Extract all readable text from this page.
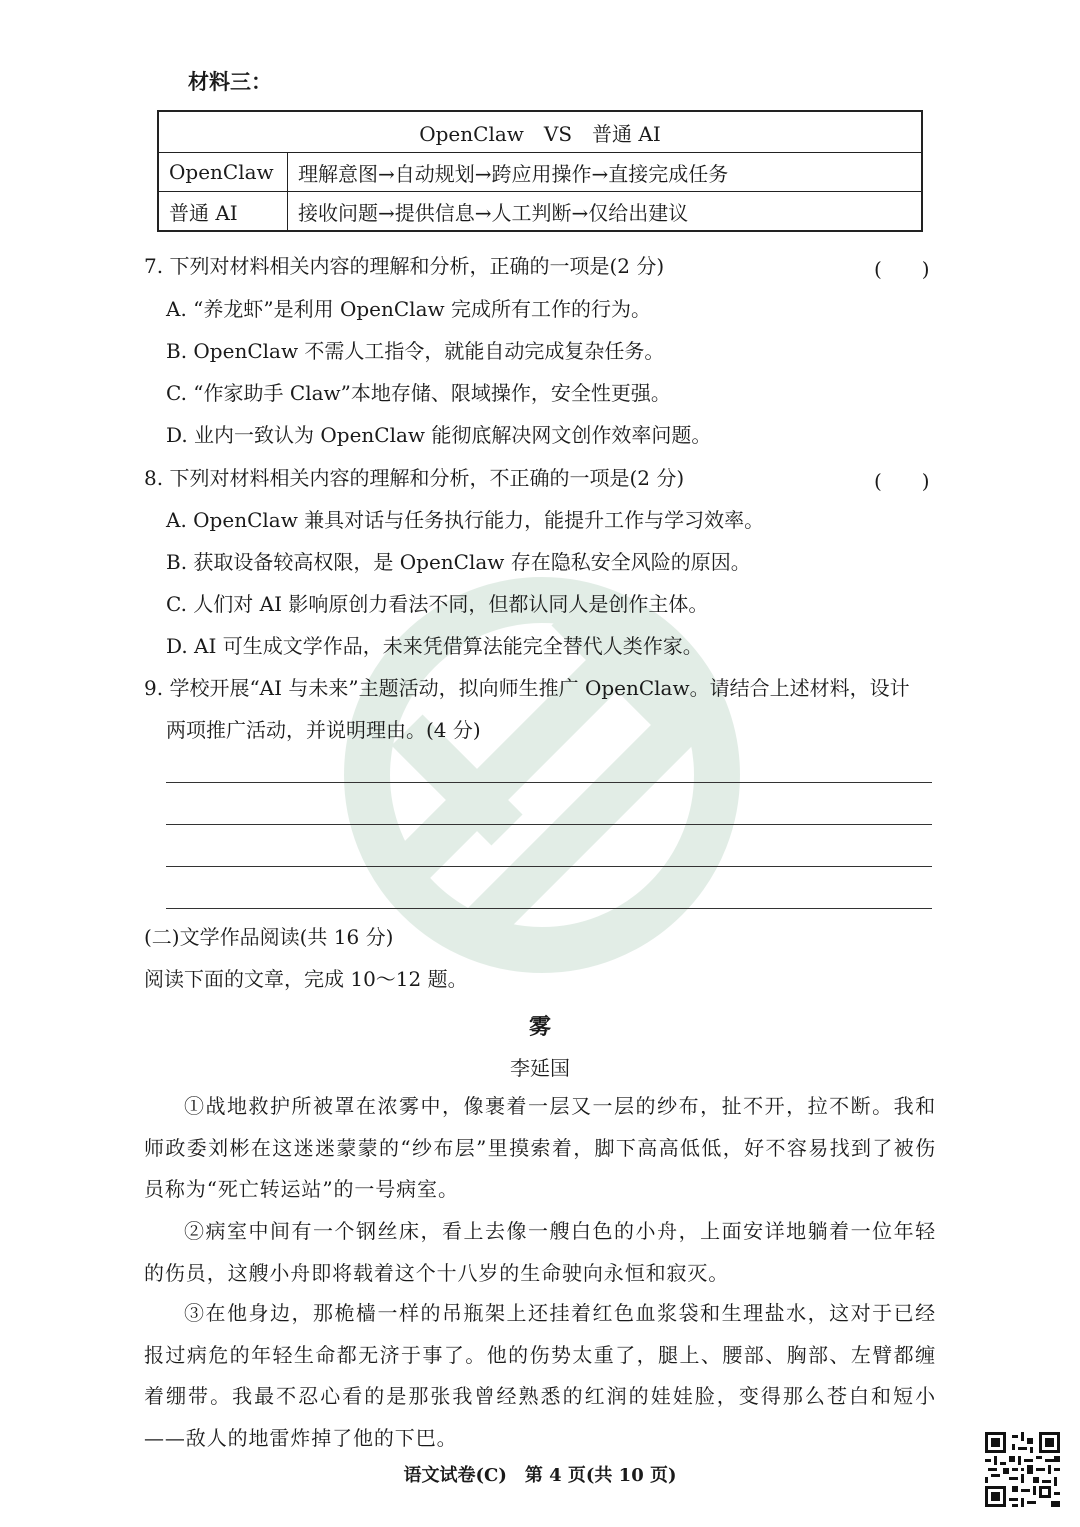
材料三：
OpenClaw　VS　普通 AI	
OpenClaw	理解意图→自动规划→跨应用操作→直接完成任务
普通 AI	接收问题→提供信息→人工判断→仅给出建议
7. 下列对材料相关内容的理解和分析，正确的一项是(2 分)	(　　)
A. “养龙虾”是利用 OpenClaw 完成所有工作的行为。
B. OpenClaw 不需人工指令，就能自动完成复杂任务。
C. “作家助手 Claw”本地存储、限域操作，安全性更强。
D. 业内一致认为 OpenClaw 能彻底解决网文创作效率问题。
8. 下列对材料相关内容的理解和分析，不正确的一项是(2 分)	(　　)
A. OpenClaw 兼具对话与任务执行能力，能提升工作与学习效率。
B. 获取设备较高权限，是 OpenClaw 存在隐私安全风险的原因。
C. 人们对 AI 影响原创力看法不同，但都认同人是创作主体。
D. AI 可生成文学作品，未来凭借算法能完全替代人类作家。
9. 学校开展“AI 与未来”主题活动，拟向师生推广 OpenClaw。请结合上述材料，设计
两项推广活动，并说明理由。(4 分)
(二)文学作品阅读(共 16 分)
阅读下面的文章，完成 10～12 题。
雾
李延国
①战地救护所被罩在浓雾中，像裹着一层又一层的纱布，扯不开，拉不断。我和师政委刘彬在这迷迷蒙蒙的“纱布层”里摸索着，脚下高高低低，好不容易找到了被伤员称为“死亡转运站”的一号病室。
②病室中间有一个钢丝床，看上去像一艘白色的小舟，上面安详地躺着一位年轻的伤员，这艘小舟即将载着这个十八岁的生命驶向永恒和寂灭。
③在他身边，那桅樯一样的吊瓶架上还挂着红色血浆袋和生理盐水，这对于已经报过病危的年轻生命都无济于事了。他的伤势太重了，腿上、腰部、胸部、左臂都缠着绷带。我最不忍心看的是那张我曾经熟悉的红润的娃娃脸，变得那么苍白和短小——敌人的地雷炸掉了他的下巴。
语文试卷(C)　第 4 页(共 10 页)
